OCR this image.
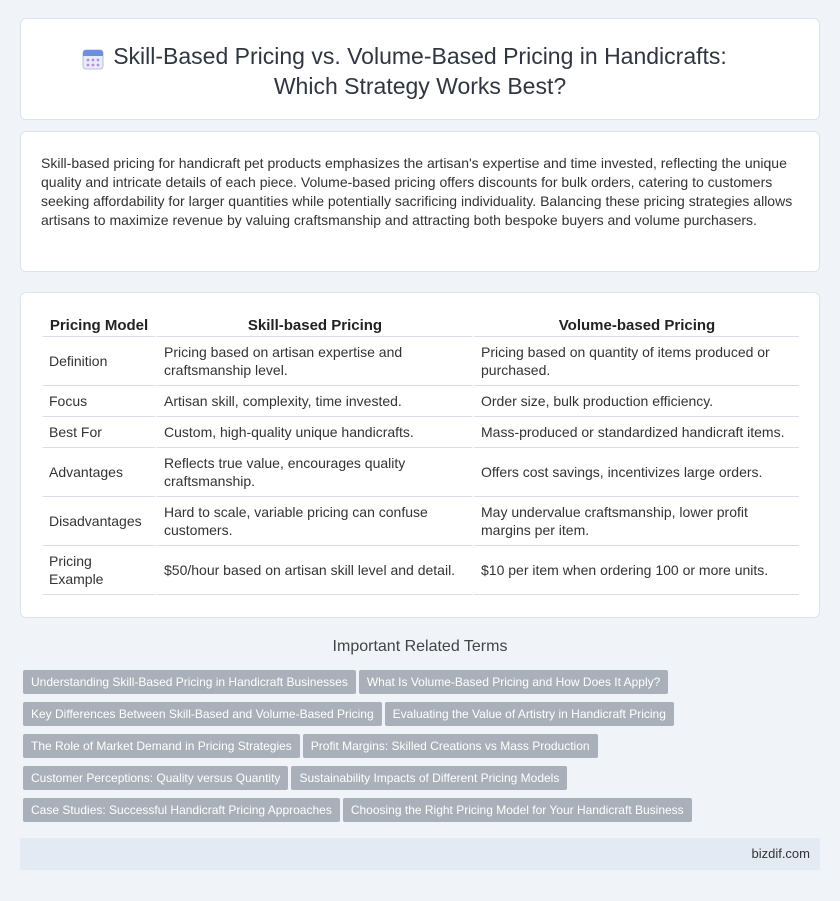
Skill-Based Pricing vs. Volume-Based Pricing in Handicrafts:
Which Strategy Works Best?

Skill-based pricing for handicraft pet products emphasizes the artisan's expertise and time invested, reflecting the unique quality and intricate details of each piece. Volume-based pricing offers discounts for bulk orders, catering to customers seeking affordability for larger quantities while potentially sacrificing individuality. Balancing these pricing strategies allows artisans to maximize revenue by valuing craftsmanship and attracting both bespoke buyers and volume purchasers.

Pricing Model	Skill-based Pricing	Volume-based Pricing
Definition	Pricing based on artisan expertise and craftsmanship level.	Pricing based on quantity of items produced or purchased.
Focus	Artisan skill, complexity, time invested.	Order size, bulk production efficiency.
Best For	Custom, high-quality unique handicrafts.	Mass-produced or standardized handicraft items.
Advantages	Reflects true value, encourages quality craftsmanship.	Offers cost savings, incentivizes large orders.
Disadvantages	Hard to scale, variable pricing can confuse customers.	May undervalue craftsmanship, lower profit margins per item.
Pricing Example	$50/hour based on artisan skill level and detail.	$10 per item when ordering 100 or more units.
Important Related Terms
Understanding Skill-Based Pricing in Handicraft Businesses What Is Volume-Based Pricing and How Does It Apply?
Key Differences Between Skill-Based and Volume-Based Pricing Evaluating the Value of Artistry in Handicraft Pricing
The Role of Market Demand in Pricing Strategies Profit Margins: Skilled Creations vs Mass Production
Customer Perceptions: Quality versus Quantity Sustainability Impacts of Different Pricing Models
Case Studies: Successful Handicraft Pricing Approaches Choosing the Right Pricing Model for Your Handicraft Business
bizdif.com
